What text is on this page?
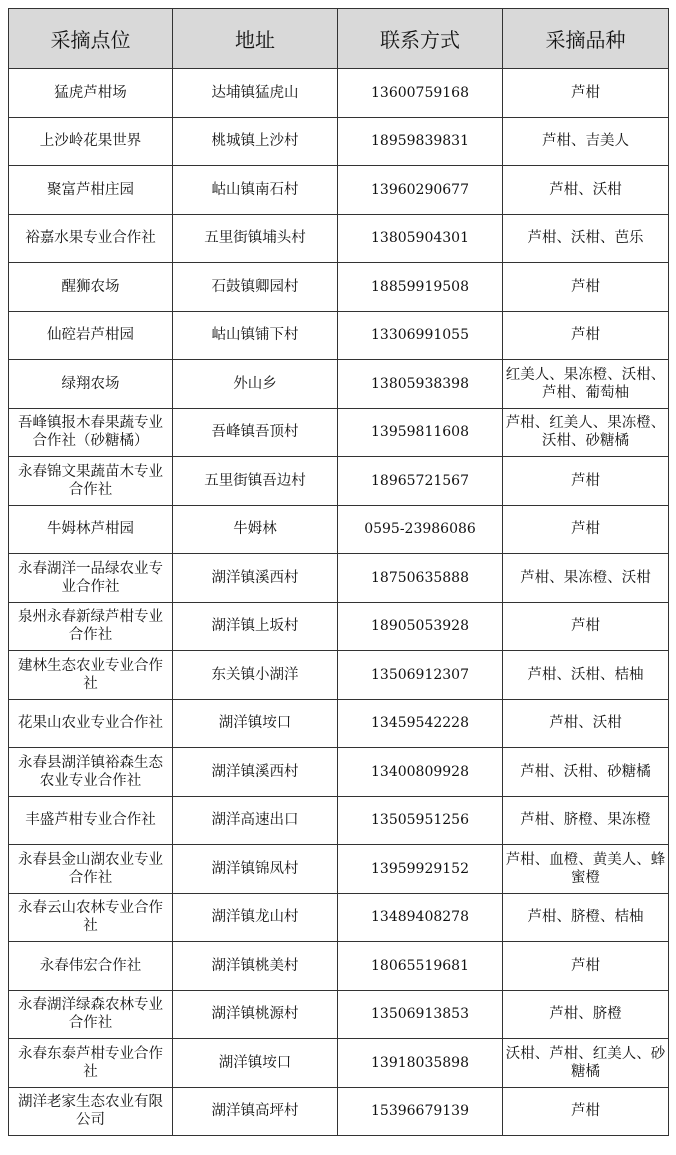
采摘点位	地址	联系方式	采摘品种
猛虎芦柑场	达埔镇猛虎山	13600759168	芦柑
上沙岭花果世界	桃城镇上沙村	18959839831	芦柑、吉美人
聚富芦柑庄园	岵山镇南石村	13960290677	芦柑、沃柑
裕嘉水果专业合作社	五里街镇埔头村	13805904301	芦柑、沃柑、芭乐
醒狮农场	石鼓镇卿园村	18859919508	芦柑
仙硿岩芦柑园	岵山镇铺下村	13306991055	芦柑
绿翔农场	外山乡	13805938398	红美人、果冻橙、沃柑、芦柑、葡萄柚
吾峰镇报木春果蔬专业合作社（砂糖橘）	吾峰镇吾顶村	13959811608	芦柑、红美人、果冻橙、沃柑、砂糖橘
永春锦文果蔬苗木专业合作社	五里街镇吾边村	18965721567	芦柑
牛姆林芦柑园	牛姆林	0595-23986086	芦柑
永春湖洋一品绿农业专业合作社	湖洋镇溪西村	18750635888	芦柑、果冻橙、沃柑
泉州永春新绿芦柑专业合作社	湖洋镇上坂村	18905053928	芦柑
建林生态农业专业合作社	东关镇小湖洋	13506912307	芦柑、沃柑、桔柚
花果山农业专业合作社	湖洋镇垵口	13459542228	芦柑、沃柑
永春县湖洋镇裕森生态农业专业合作社	湖洋镇溪西村	13400809928	芦柑、沃柑、砂糖橘
丰盛芦柑专业合作社	湖洋高速出口	13505951256	芦柑、脐橙、果冻橙
永春县金山湖农业专业合作社	湖洋镇锦凤村	13959929152	芦柑、血橙、黄美人、蜂蜜橙
永春云山农林专业合作社	湖洋镇龙山村	13489408278	芦柑、脐橙、桔柚
永春伟宏合作社	湖洋镇桃美村	18065519681	芦柑
永春湖洋绿森农林专业合作社	湖洋镇桃源村	13506913853	芦柑、脐橙
永春东泰芦柑专业合作社	湖洋镇垵口	13918035898	沃柑、芦柑、红美人、砂糖橘
湖洋老家生态农业有限公司	湖洋镇高坪村	15396679139	芦柑
